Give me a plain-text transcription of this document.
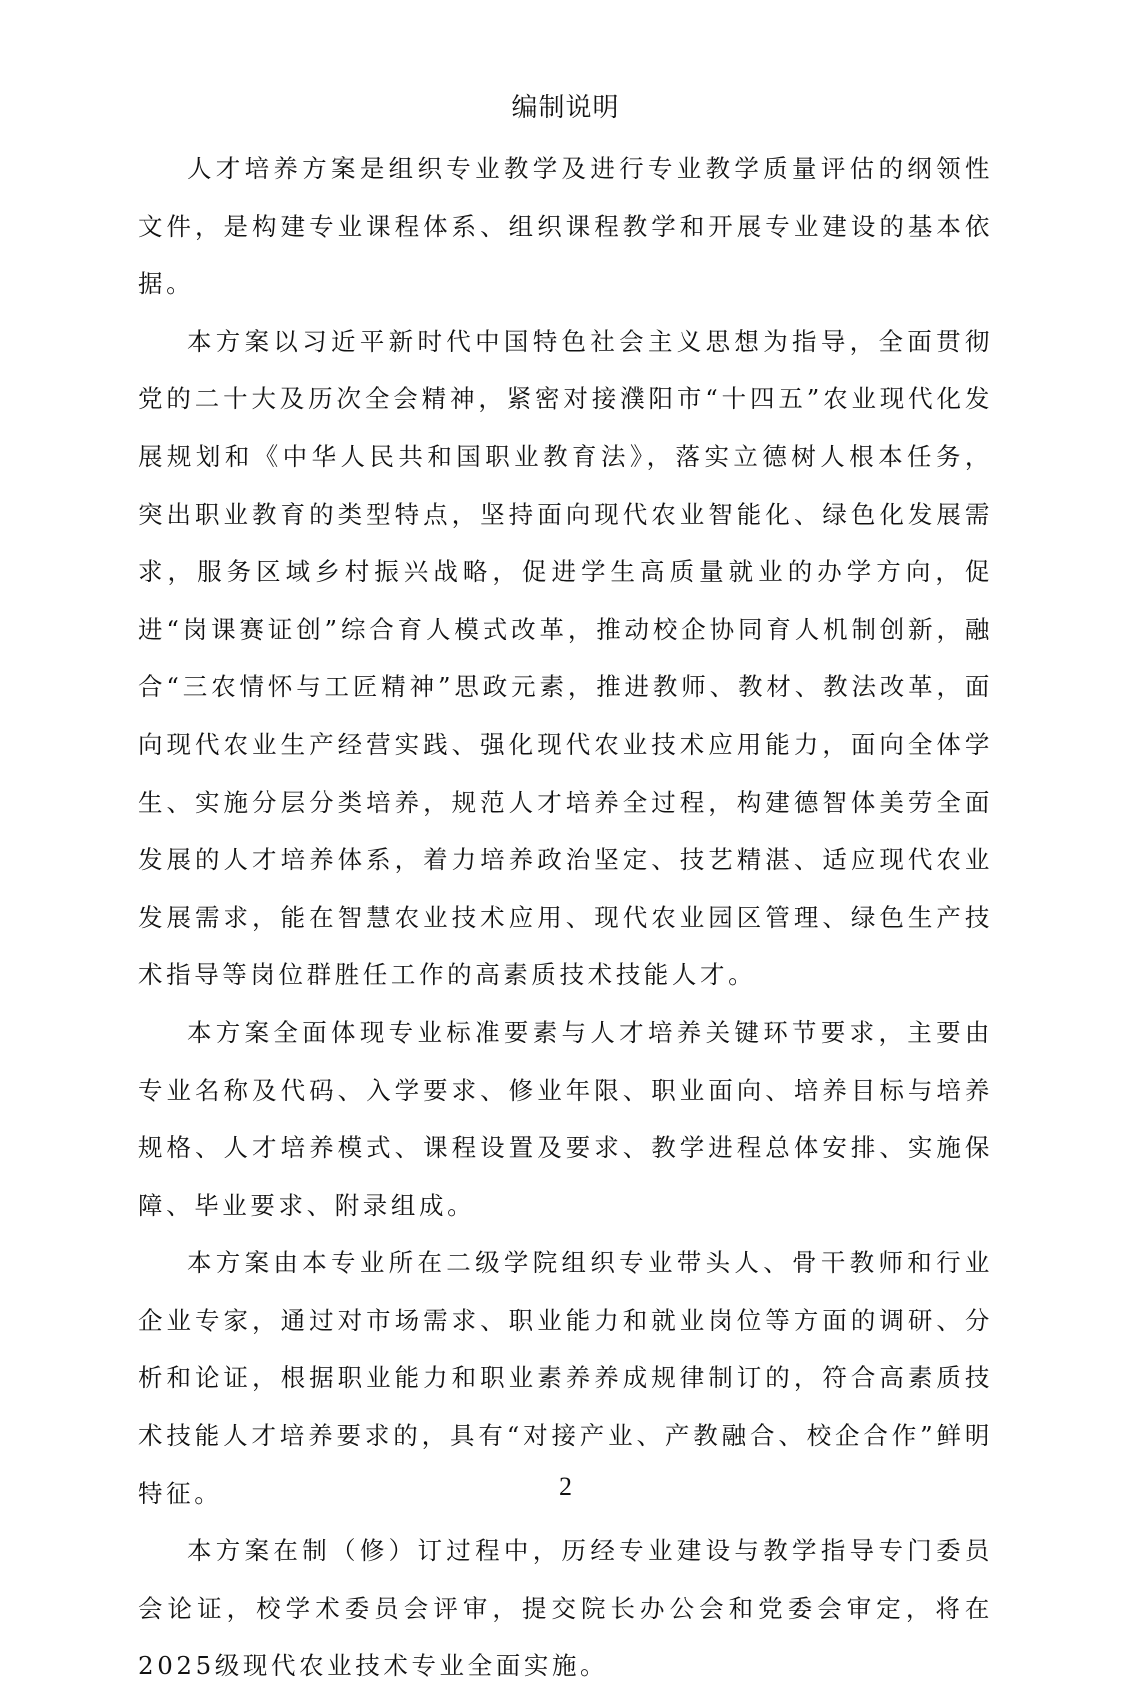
编制说明

人才培养方案是组织专业教学及进行专业教学质量评估的纲领性文件，是构建专业课程体系、组织课程教学和开展专业建设的基本依据。

本方案以习近平新时代中国特色社会主义思想为指导，全面贯彻党的二十大及历次全会精神，紧密对接濮阳市“十四五”农业现代化发展规划和《中华人民共和国职业教育法》，落实立德树人根本任务，突出职业教育的类型特点，坚持面向现代农业智能化、绿色化发展需求，服务区域乡村振兴战略，促进学生高质量就业的办学方向，促进“岗课赛证创”综合育人模式改革，推动校企协同育人机制创新，融合“三农情怀与工匠精神”思政元素，推进教师、教材、教法改革，面向现代农业生产经营实践、强化现代农业技术应用能力，面向全体学生、实施分层分类培养，规范人才培养全过程，构建德智体美劳全面发展的人才培养体系，着力培养政治坚定、技艺精湛、适应现代农业发展需求，能在智慧农业技术应用、现代农业园区管理、绿色生产技术指导等岗位群胜任工作的高素质技术技能人才。

本方案全面体现专业标准要素与人才培养关键环节要求，主要由专业名称及代码、入学要求、修业年限、职业面向、培养目标与培养规格、人才培养模式、课程设置及要求、教学进程总体安排、实施保障、毕业要求、附录组成。

本方案由本专业所在二级学院组织专业带头人、骨干教师和行业企业专家，通过对市场需求、职业能力和就业岗位等方面的调研、分析和论证，根据职业能力和职业素养养成规律制订的，符合高素质技术技能人才培养要求的，具有“对接产业、产教融合、校企合作”鲜明特征。

本方案在制（修）订过程中，历经专业建设与教学指导专门委员会论证，校学术委员会评审，提交院长办公会和党委会审定，将在2025级现代农业技术专业全面实施。

2
